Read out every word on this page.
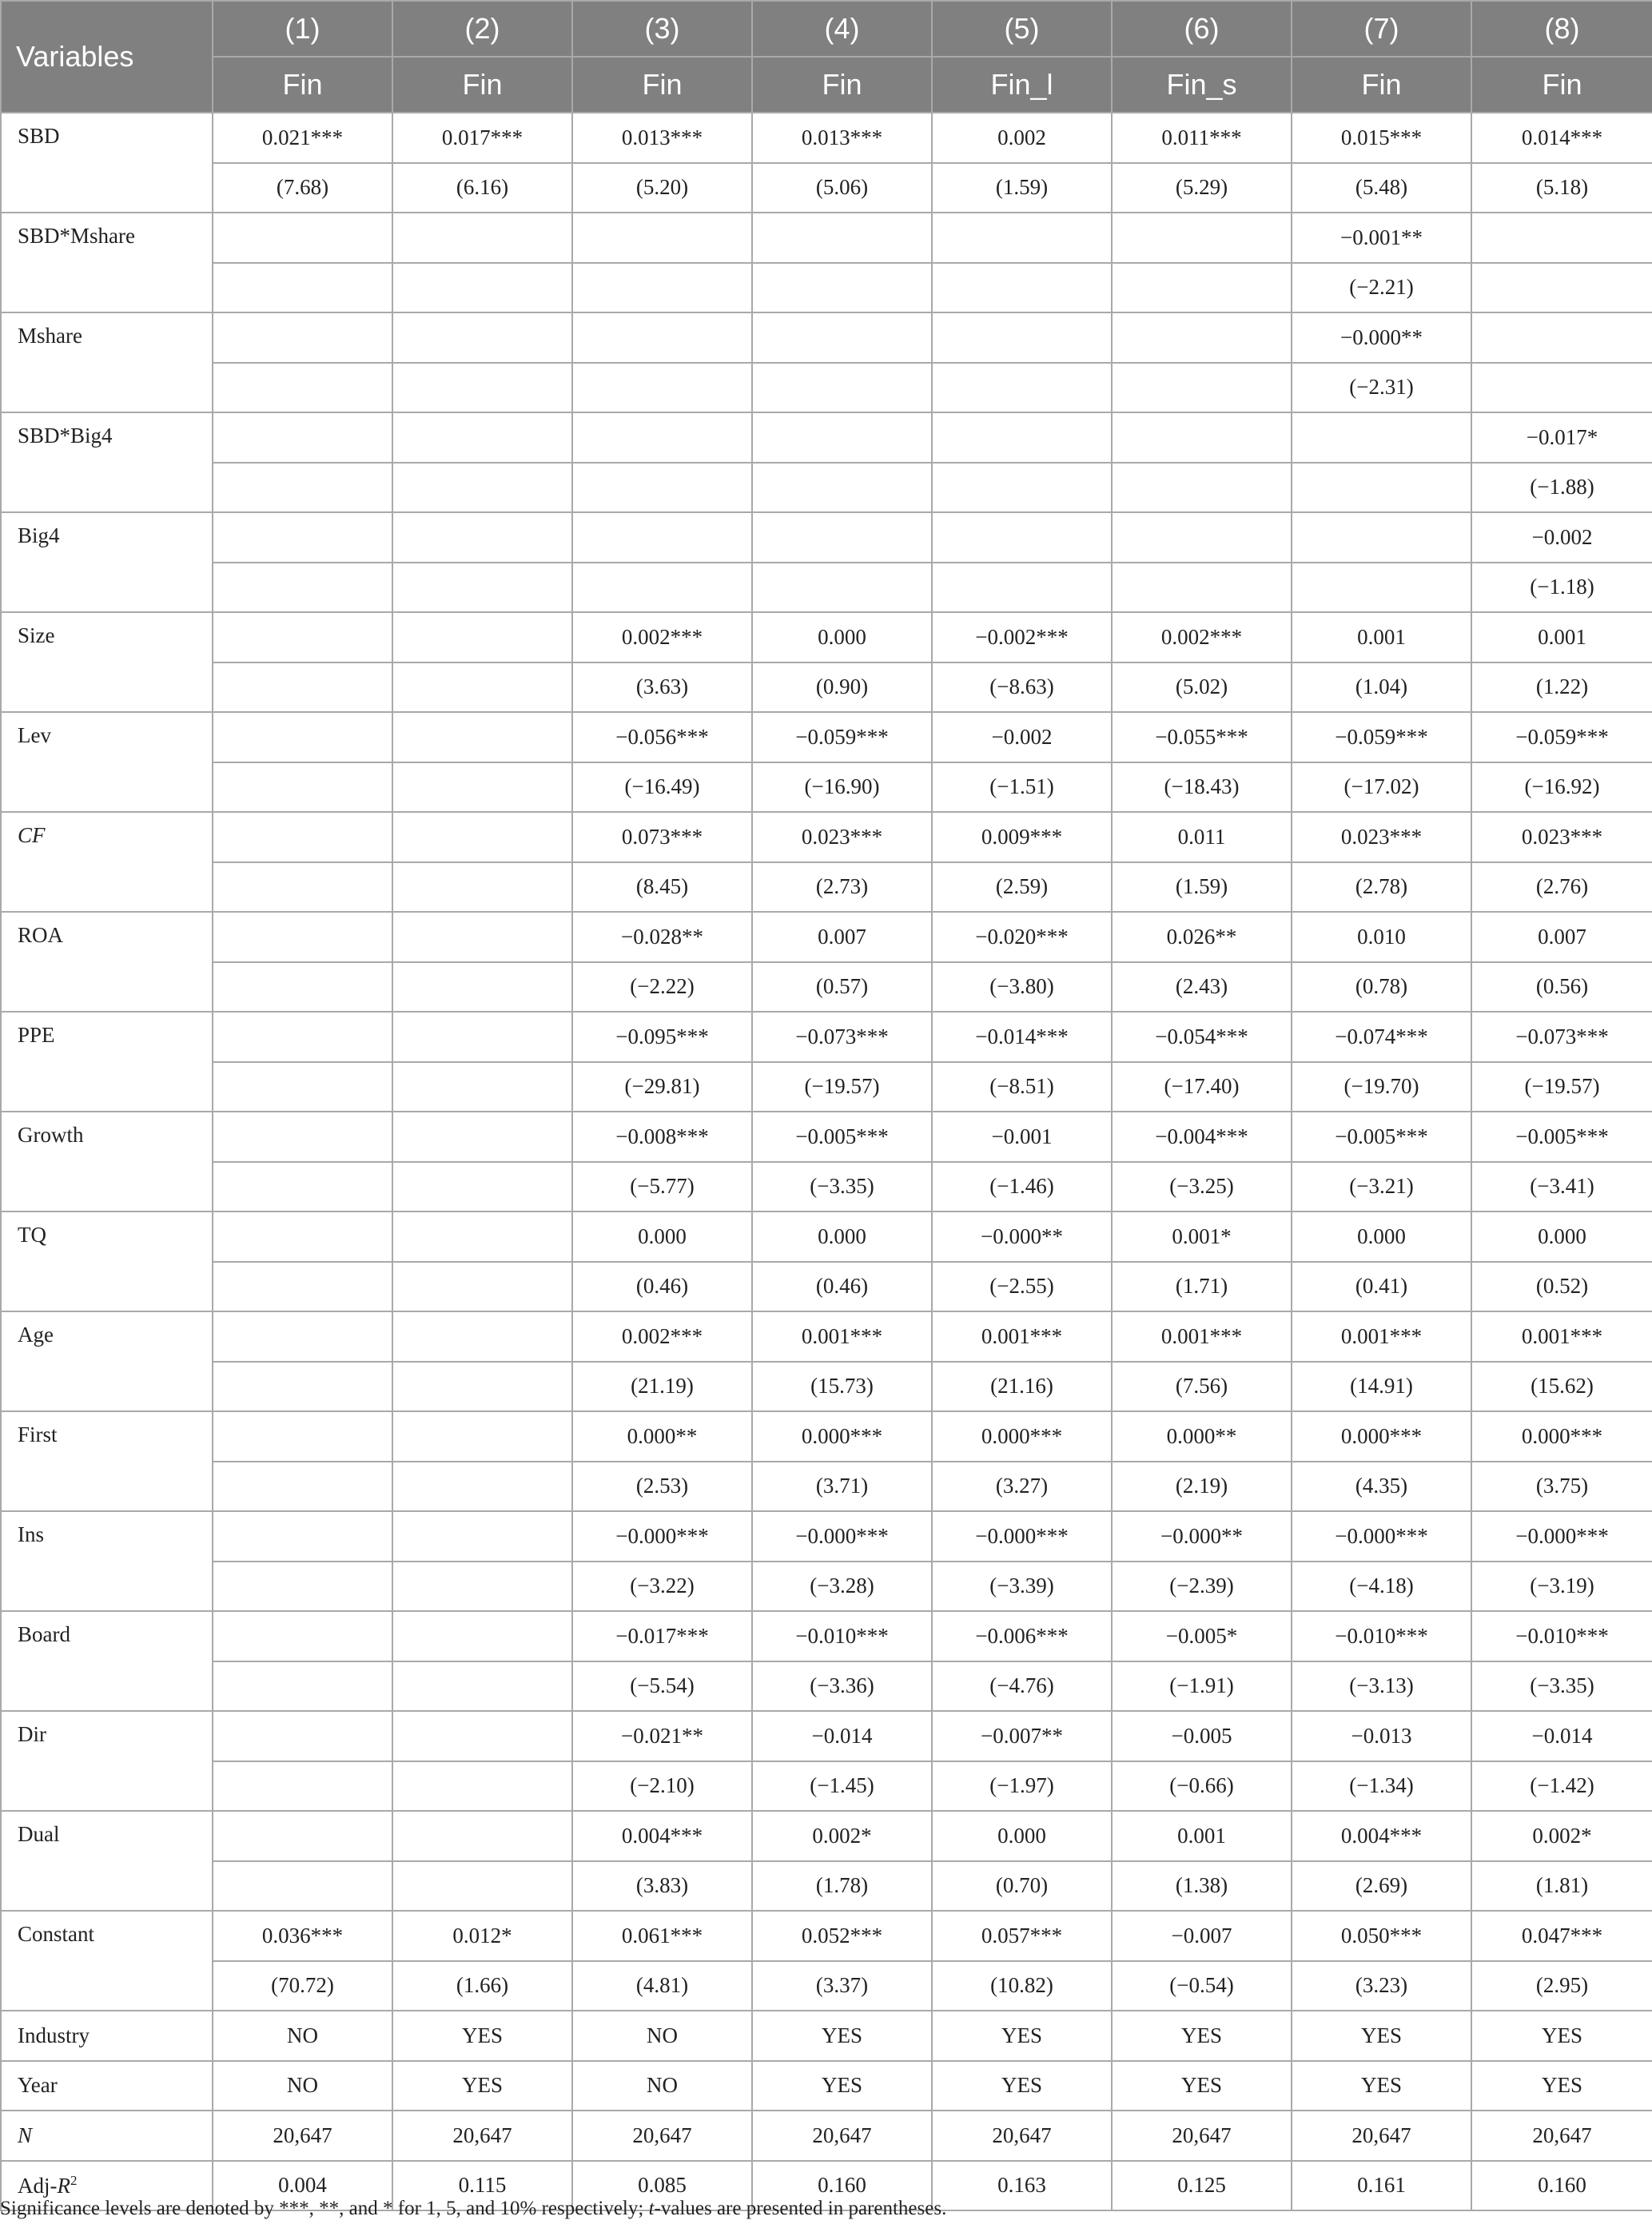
Variables	(1)	(2)	(3)	(4)	(5)	(6)	(7)	(8)
	Fin	Fin	Fin	Fin	Fin_l	Fin_s	Fin	Fin
SBD	0.021***	0.017***	0.013***	0.013***	0.002	0.011***	0.015***	0.014***
	(7.68)	(6.16)	(5.20)	(5.06)	(1.59)	(5.29)	(5.48)	(5.18)
SBD*Mshare							−0.001**	
							(−2.21)	
Mshare							−0.000**	
							(−2.31)	
SBD*Big4								−0.017*
								(−1.88)
Big4								−0.002
								(−1.18)
Size			0.002***	0.000	−0.002***	0.002***	0.001	0.001
			(3.63)	(0.90)	(−8.63)	(5.02)	(1.04)	(1.22)
Lev			−0.056***	−0.059***	−0.002	−0.055***	−0.059***	−0.059***
			(−16.49)	(−16.90)	(−1.51)	(−18.43)	(−17.02)	(−16.92)
CF			0.073***	0.023***	0.009***	0.011	0.023***	0.023***
			(8.45)	(2.73)	(2.59)	(1.59)	(2.78)	(2.76)
ROA			−0.028**	0.007	−0.020***	0.026**	0.010	0.007
			(−2.22)	(0.57)	(−3.80)	(2.43)	(0.78)	(0.56)
PPE			−0.095***	−0.073***	−0.014***	−0.054***	−0.074***	−0.073***
			(−29.81)	(−19.57)	(−8.51)	(−17.40)	(−19.70)	(−19.57)
Growth			−0.008***	−0.005***	−0.001	−0.004***	−0.005***	−0.005***
			(−5.77)	(−3.35)	(−1.46)	(−3.25)	(−3.21)	(−3.41)
TQ			0.000	0.000	−0.000**	0.001*	0.000	0.000
			(0.46)	(0.46)	(−2.55)	(1.71)	(0.41)	(0.52)
Age			0.002***	0.001***	0.001***	0.001***	0.001***	0.001***
			(21.19)	(15.73)	(21.16)	(7.56)	(14.91)	(15.62)
First			0.000**	0.000***	0.000***	0.000**	0.000***	0.000***
			(2.53)	(3.71)	(3.27)	(2.19)	(4.35)	(3.75)
Ins			−0.000***	−0.000***	−0.000***	−0.000**	−0.000***	−0.000***
			(−3.22)	(−3.28)	(−3.39)	(−2.39)	(−4.18)	(−3.19)
Board			−0.017***	−0.010***	−0.006***	−0.005*	−0.010***	−0.010***
			(−5.54)	(−3.36)	(−4.76)	(−1.91)	(−3.13)	(−3.35)
Dir			−0.021**	−0.014	−0.007**	−0.005	−0.013	−0.014
			(−2.10)	(−1.45)	(−1.97)	(−0.66)	(−1.34)	(−1.42)
Dual			0.004***	0.002*	0.000	0.001	0.004***	0.002*
			(3.83)	(1.78)	(0.70)	(1.38)	(2.69)	(1.81)
Constant	0.036***	0.012*	0.061***	0.052***	0.057***	−0.007	0.050***	0.047***
	(70.72)	(1.66)	(4.81)	(3.37)	(10.82)	(−0.54)	(3.23)	(2.95)
Industry	NO	YES	NO	YES	YES	YES	YES	YES
Year	NO	YES	NO	YES	YES	YES	YES	YES
N	20,647	20,647	20,647	20,647	20,647	20,647	20,647	20,647
Adj-$R^2$	0.004	0.115	0.085	0.160	0.163	0.125	0.161	0.160
Significance levels are denoted by ***, **, and * for 1, 5, and 10% respectively; t-values are presented in parentheses.
